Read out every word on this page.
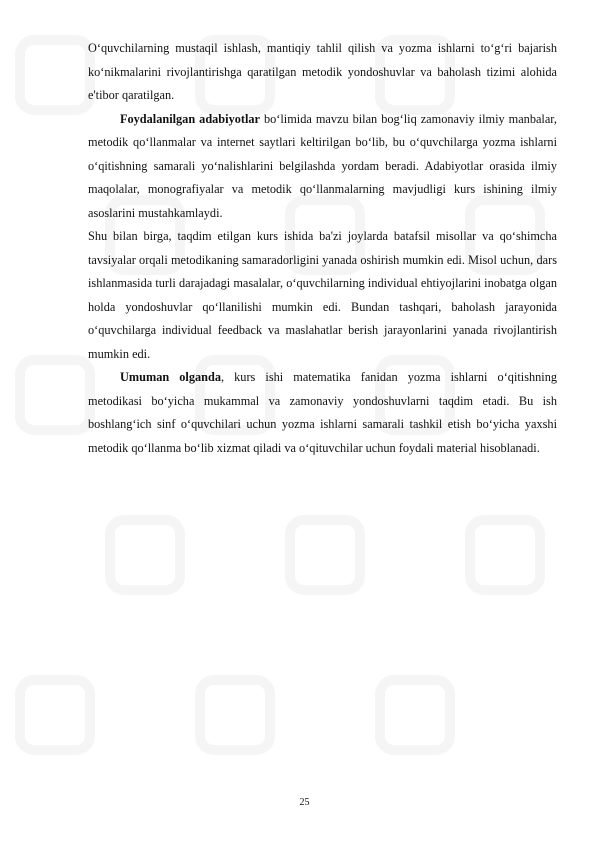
O‘quvchilarning mustaqil ishlash, mantiqiy tahlil qilish va yozma ishlarni to‘g‘ri bajarish ko‘nikmalarini rivojlantirishga qaratilgan metodik yondoshuvlar va baholash tizimi alohida e'tibor qaratilgan.

Foydalanilgan adabiyotlar bo‘limida mavzu bilan bog‘liq zamonaviy ilmiy manbalar, metodik qo‘llanmalar va internet saytlari keltirilgan bo‘lib, bu o‘quvchilarga yozma ishlarni o‘qitishning samarali yo‘nalishlarini belgilashda yordam beradi. Adabiyotlar orasida ilmiy maqolalar, monografiyalar va metodik qo‘llanmalarning mavjudligi kurs ishining ilmiy asoslarini mustahkamlaydi.

Shu bilan birga, taqdim etilgan kurs ishida ba'zi joylarda batafsil misollar va qo‘shimcha tavsiyalar orqali metodikaning samaradorligini yanada oshirish mumkin edi. Misol uchun, dars ishlanmasida turli darajadagi masalalar, o‘quvchilarning individual ehtiyojlarini inobatga olgan holda yondoshuvlar qo‘llanilishi mumkin edi. Bundan tashqari, baholash jarayonida o‘quvchilarga individual feedback va maslahatlar berish jarayonlarini yanada rivojlantirish mumkin edi.

Umuman olganda, kurs ishi matematika fanidan yozma ishlarni o‘qitishning metodikasi bo‘yicha mukammal va zamonaviy yondoshuvlarni taqdim etadi. Bu ish boshlang‘ich sinf o‘quvchilari uchun yozma ishlarni samarali tashkil etish bo‘yicha yaxshi metodik qo‘llanma bo‘lib xizmat qiladi va o‘qituvchilar uchun foydali material hisoblanadi.

25
